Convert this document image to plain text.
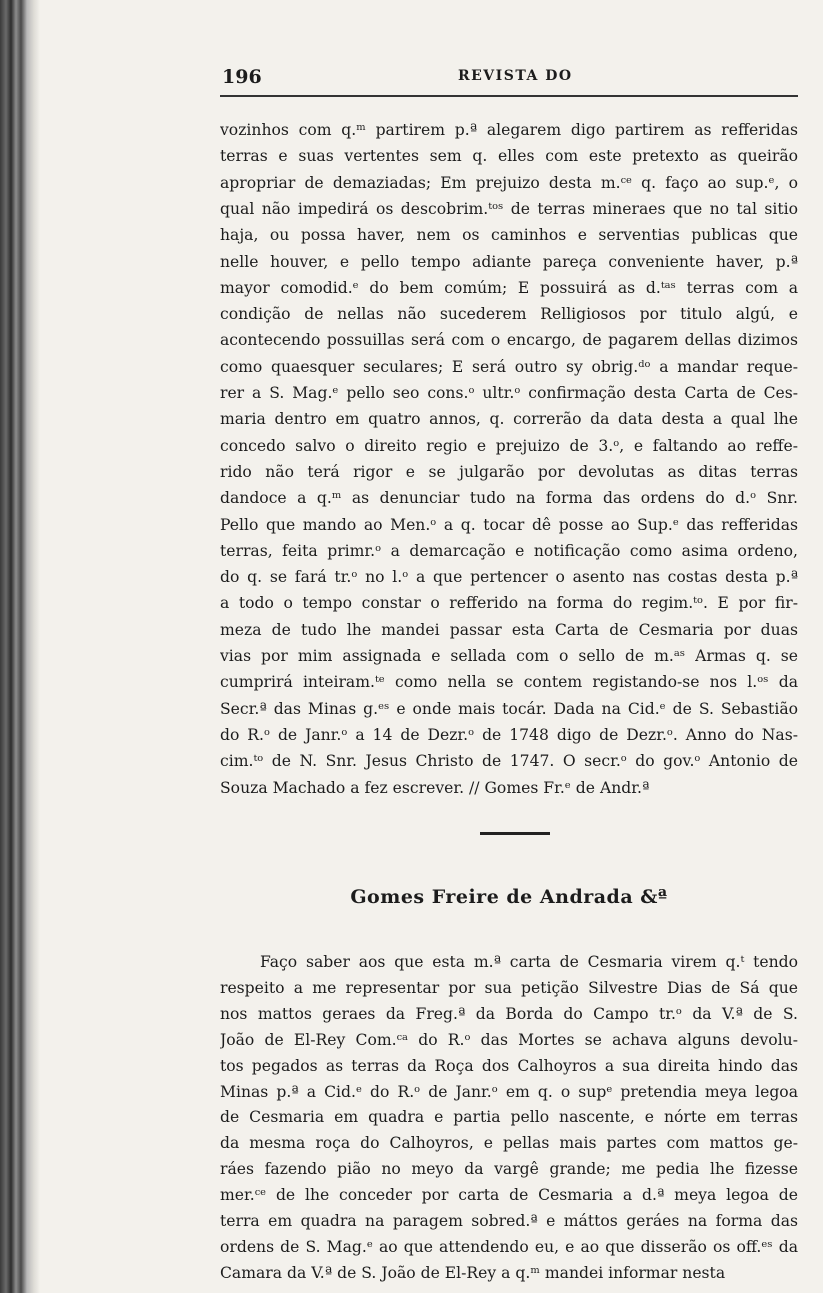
196	REVISTA DO

vozinhos com q.ᵐ partirem p.ª alegarem digo partirem as refferidas

terras e suas vertentes sem q. elles com este pretexto as queirão

apropriar de demaziadas; Em prejuizo desta m.ᶜᵉ q. faço ao sup.ᵉ, o

qual não impedirá os descobrim.ᵗᵒˢ de terras mineraes que no tal sitio

haja, ou possa haver, nem os caminhos e serventias publicas que

nelle houver, e pello tempo adiante pareça conveniente haver, p.ª

mayor comodid.ᵉ do bem comúm; E possuirá as d.ᵗᵃˢ terras com a

condição de nellas não sucederem Relligiosos por titulo algú, e

acontecendo possuillas será com o encargo, de pagarem dellas dizimos

como quaesquer seculares; E será outro sy obrig.ᵈᵒ a mandar reque-

rer a S. Mag.ᵉ pello seo cons.ᵒ ultr.ᵒ confirmação desta Carta de Ces-

maria dentro em quatro annos, q. correrão da data desta a qual lhe

concedo salvo o direito regio e prejuizo de 3.ᵒ, e faltando ao reffe-

rido não terá rigor e se julgarão por devolutas as ditas terras

dandoce a q.ᵐ as denunciar tudo na forma das ordens do d.ᵒ Snr.

Pello que mando ao Men.ᵒ a q. tocar dê posse ao Sup.ᵉ das refferidas

terras, feita primr.ᵒ a demarcação e notificação como asima ordeno,

do q. se fará tr.ᵒ no l.ᵒ a que pertencer o asento nas costas desta p.ª

a todo o tempo constar o refferido na forma do regim.ᵗᵒ. E por fir-

meza de tudo lhe mandei passar esta Carta de Cesmaria por duas

vias por mim assignada e sellada com o sello de m.ᵃˢ Armas q. se

cumprirá inteiram.ᵗᵉ como nella se contem registando-se nos l.ᵒˢ da

Secr.ª das Minas g.ᵉˢ e onde mais tocár. Dada na Cid.ᵉ de S. Sebastião

do R.ᵒ de Janr.ᵒ a 14 de Dezr.ᵒ de 1748 digo de Dezr.ᵒ. Anno do Nas-

cim.ᵗᵒ de N. Snr. Jesus Christo de 1747. O secr.ᵒ do gov.ᵒ Antonio de

Souza Machado a fez escrever. // Gomes Fr.ᵉ de Andr.ª

Gomes Freire de Andrada &ª

Faço saber aos que esta m.ª carta de Cesmaria virem q.ᵗ tendo

respeito a me representar por sua petição Silvestre Dias de Sá que

nos mattos geraes da Freg.ª da Borda do Campo tr.ᵒ da V.ª de S.

João de El-Rey Com.ᶜᵃ do R.ᵒ das Mortes se achava alguns devolu-

tos pegados as terras da Roça dos Calhoyros a sua direita hindo das

Minas p.ª a Cid.ᵉ do R.ᵒ de Janr.ᵒ em q. o supᵉ pretendia meya legoa

de Cesmaria em quadra e partia pello nascente, e nórte em terras

da mesma roça do Calhoyros, e pellas mais partes com mattos ge-

ráes fazendo pião no meyo da vargê grande; me pedia lhe fizesse

mer.ᶜᵉ de lhe conceder por carta de Cesmaria a d.ª meya legoa de

terra em quadra na paragem sobred.ª e máttos geráes na forma das

ordens de S. Mag.ᵉ ao que attendendo eu, e ao que disserão os off.ᵉˢ da

Camara da V.ª de S. João de El-Rey a q.ᵐ mandei informar nesta
